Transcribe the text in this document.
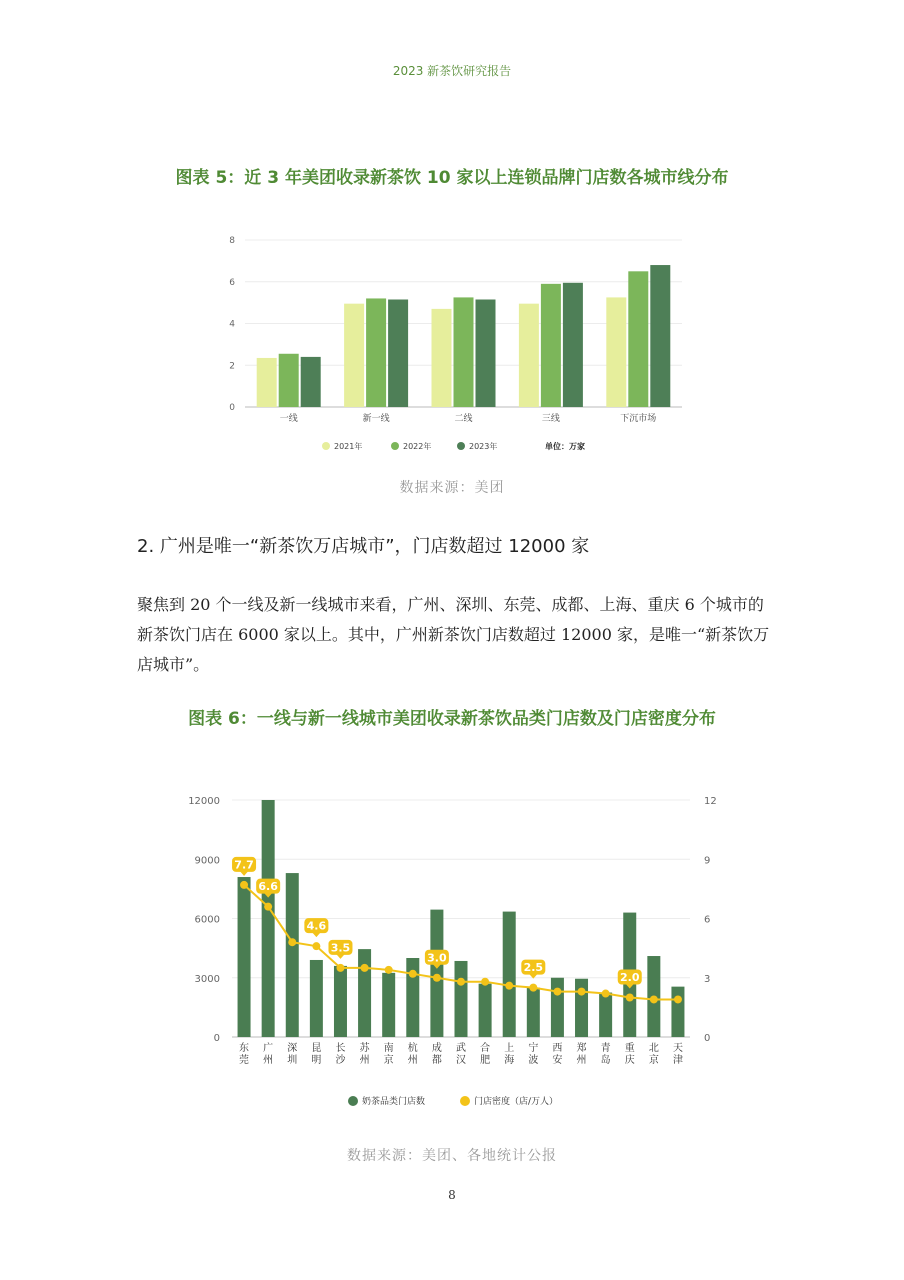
2023 新茶饮研究报告
图表 5：近 3 年美团收录新茶饮 10 家以上连锁品牌门店数各城市线分布
0
2
4
6
8
一线	新一线	二线	三线	下沉市场
2021年	2022年	2023年	单位：万家
数据来源：美团
2. 广州是唯一“新茶饮万店城市”，门店数超过 12000 家
聚焦到 20 个一线及新一线城市来看，广州、深圳、东莞、成都、上海、重庆 6 个城市的新茶饮门店在 6000 家以上。其中，广州新茶饮门店数超过 12000 家，是唯一“新茶饮万店城市”。
图表 6：一线与新一线城市美团收录新茶饮品类门店数及门店密度分布
0
3000
6000
9000
12000
0
3
6
9
12
东莞
广州
深圳
昆明
长沙
苏州
南京
杭州
成都
武汉
合肥
上海
宁波
西安
郑州
青岛
重庆
北京
天津
7.7
6.6
4.6
3.5
3.0
2.5
2.0
奶茶品类门店数	门店密度（店/万人）
数据来源：美团、各地统计公报
8
